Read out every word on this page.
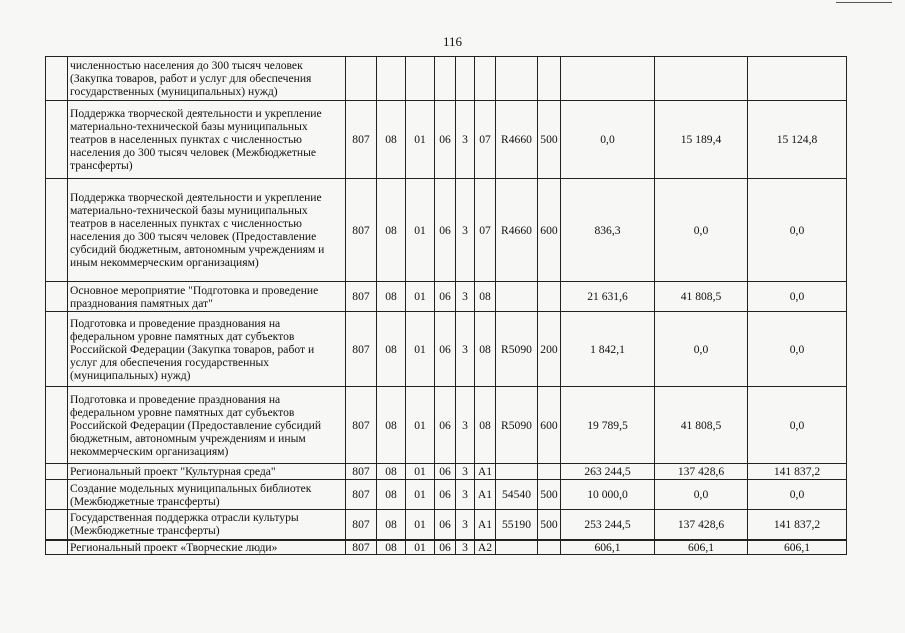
116
	численностью населения до 300 тысяч человек (Закупка товаров, работ и услуг для обеспечения государственных (муниципальных) нужд)											
	Поддержка творческой деятельности и укрепление материально-технической базы муниципальных театров в населенных пунктах с численностью населения до 300 тысяч человек (Межбюджетные трансферты)	807	08	01	06	3	07	R4660	500	0,0	15 189,4	15 124,8
	Поддержка творческой деятельности и укрепление материально-технической базы муниципальных театров в населенных пунктах с численностью населения до 300 тысяч человек (Предоставление субсидий бюджетным, автономным учреждениям и иным некоммерческим организациям)	807	08	01	06	3	07	R4660	600	836,3	0,0	0,0
	Основное мероприятие "Подготовка и проведение празднования памятных дат"	807	08	01	06	3	08			21 631,6	41 808,5	0,0
	Подготовка и проведение празднования на федеральном уровне памятных дат субъектов Российской Федерации (Закупка товаров, работ и услуг для обеспечения государственных (муниципальных) нужд)	807	08	01	06	3	08	R5090	200	1 842,1	0,0	0,0
	Подготовка и проведение празднования на федеральном уровне памятных дат субъектов Российской Федерации (Предоставление субсидий бюджетным, автономным учреждениям и иным некоммерческим организациям)	807	08	01	06	3	08	R5090	600	19 789,5	41 808,5	0,0
	Региональный проект "Культурная среда"	807	08	01	06	3	A1			263 244,5	137 428,6	141 837,2
	Создание модельных муниципальных библиотек (Межбюджетные трансферты)	807	08	01	06	3	A1	54540	500	10 000,0	0,0	0,0
	Государственная поддержка отрасли культуры (Межбюджетные трансферты)	807	08	01	06	3	A1	55190	500	253 244,5	137 428,6	141 837,2
	Региональный проект «Творческие люди»	807	08	01	06	3	A2			606,1	606,1	606,1
